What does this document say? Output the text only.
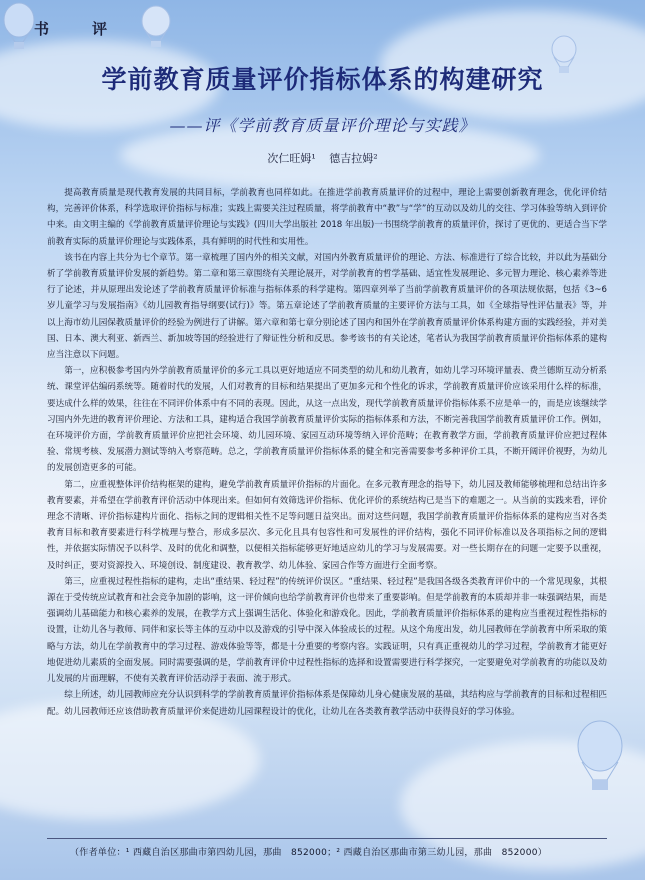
书　评
学前教育质量评价指标体系的构建研究
——评《学前教育质量评价理论与实践》
次仁旺姆¹ 德吉拉姆²

提高教育质量是现代教育发展的共同目标，学前教育也同样如此。在推进学前教育质量评价的过程中，理论上需要创新教育理念，优化评价结构，完善评价体系，科学选取评价指标与标准；实践上需要关注过程质量，将学前教育中“教”与“学”的互动以及幼儿的交往、学习体验等纳入到评价中来。由文明主编的《学前教育质量评价理论与实践》(四川大学出版社 2018 年出版)一书围绕学前教育的质量评价，探讨了更优的、更适合当下学前教育实际的质量评价理论与实践体系，具有鲜明的时代性和实用性。

该书在内容上共分为七个章节。第一章梳理了国内外的相关文献，对国内外教育质量评价的理论、方法、标准进行了综合比较，并以此为基础分析了学前教育质量评价发展的新趋势。第二章和第三章围绕有关理论展开，对学前教育的哲学基础、适宜性发展理论、多元智力理论、核心素养等进行了论述，并从原理出发论述了学前教育质量评价标准与指标体系的科学建构。第四章列举了当前学前教育质量评价的各项法规依据，包括《3~6 岁儿童学习与发展指南》《幼儿园教育指导纲要(试行)》等。第五章论述了学前教育质量的主要评价方法与工具，如《全球指导性评估量表》等，并以上海市幼儿园保教质量评价的经验为例进行了讲解。第六章和第七章分别论述了国内和国外在学前教育质量评价体系构建方面的实践经验，并对美国、日本、澳大利亚、新西兰、新加坡等国的经验进行了辩证性分析和反思。参考该书的有关论述，笔者认为我国学前教育质量评价指标体系的建构应当注意以下问题。

第一，应积极参考国内外学前教育质量评价的多元工具以更好地适应不同类型的幼儿和幼儿教育，如幼儿学习环境评量表、费兰德斯互动分析系统、课堂评估编码系统等。随着时代的发展，人们对教育的目标和结果提出了更加多元和个性化的诉求，学前教育质量评价应该采用什么样的标准，要达成什么样的效果，往往在不同评价体系中有不同的表现。因此，从这一点出发，现代学前教育质量评价指标体系不应是单一的，而是应该继续学习国内外先进的教育评价理论、方法和工具，建构适合我国学前教育质量评价实际的指标体系和方法，不断完善我国学前教育质量评价工作。例如，在环境评价方面，学前教育质量评价应把社会环境、幼儿园环境、家园互动环境等纳入评价范畴；在教育教学方面，学前教育质量评价应把过程体验、常规考核、发展潜力测试等纳入考察范畴。总之，学前教育质量评价指标体系的健全和完善需要参考多种评价工具，不断开阔评价视野，为幼儿的发展创造更多的可能。

第二，应重视整体评价结构框架的建构，避免学前教育质量评价指标的片面化。在多元教育理念的指导下，幼儿园及教师能够梳理和总结出许多教育要素，并希望在学前教育评价活动中体现出来。但如何有效筛选评价指标、优化评价的系统结构已是当下的难题之一。从当前的实践来看，评价理念不清晰、评价指标建构片面化、指标之间的逻辑相关性不足等问题日益突出。面对这些问题，我国学前教育质量评价指标体系的建构应当对各类教育目标和教育要素进行科学梳理与整合，形成多层次、多元化且具有包容性和可发展性的评价结构，强化不同评价标准以及各项指标之间的逻辑性，并依据实际情况予以科学、及时的优化和调整，以便相关指标能够更好地适应幼儿的学习与发展需要。对一些长期存在的问题一定要予以重视，及时纠正，要对资源投入、环境创设、制度建设、教育教学、幼儿体验、家园合作等方面进行全面考察。

第三，应重视过程性指标的建构，走出“重结果、轻过程”的传统评价误区。“重结果、轻过程”是我国各级各类教育评价中的一个常见现象，其根源在于受传统应试教育和社会竞争加剧的影响，这一评价倾向也给学前教育评价也带来了重要影响。但是学前教育的本质却并非一味强调结果，而是强调幼儿基础能力和核心素养的发展，在教学方式上强调生活化、体验化和游戏化。因此，学前教育质量评价指标体系的建构应当重视过程性指标的设置，让幼儿各与教师、同伴和家长等主体的互动中以及游戏的引导中深入体验成长的过程。从这个角度出发，幼儿园教师在学前教育中所采取的策略与方法，幼儿在学前教育中的学习过程、游戏体验等等，都是十分重要的考察内容。实践证明，只有真正重视幼儿的学习过程，学前教育才能更好地促进幼儿素质的全面发展。同时需要强调的是，学前教育评价中过程性指标的选择和设置需要进行科学探究，一定要避免对学前教育的功能以及幼儿发展的片面理解，不使有关教育评价活动浮于表面、流于形式。

综上所述，幼儿园教师应充分认识到科学的学前教育质量评价指标体系是保障幼儿身心健康发展的基础，其结构应与学前教育的目标和过程相匹配。幼儿园教师还应该借助教育质量评价来促进幼儿园课程设计的优化，让幼儿在各类教育教学活动中获得良好的学习体验。

（作者单位：¹ 西藏自治区那曲市第四幼儿园，那曲　852000；² 西藏自治区那曲市第三幼儿园，那曲　852000）
